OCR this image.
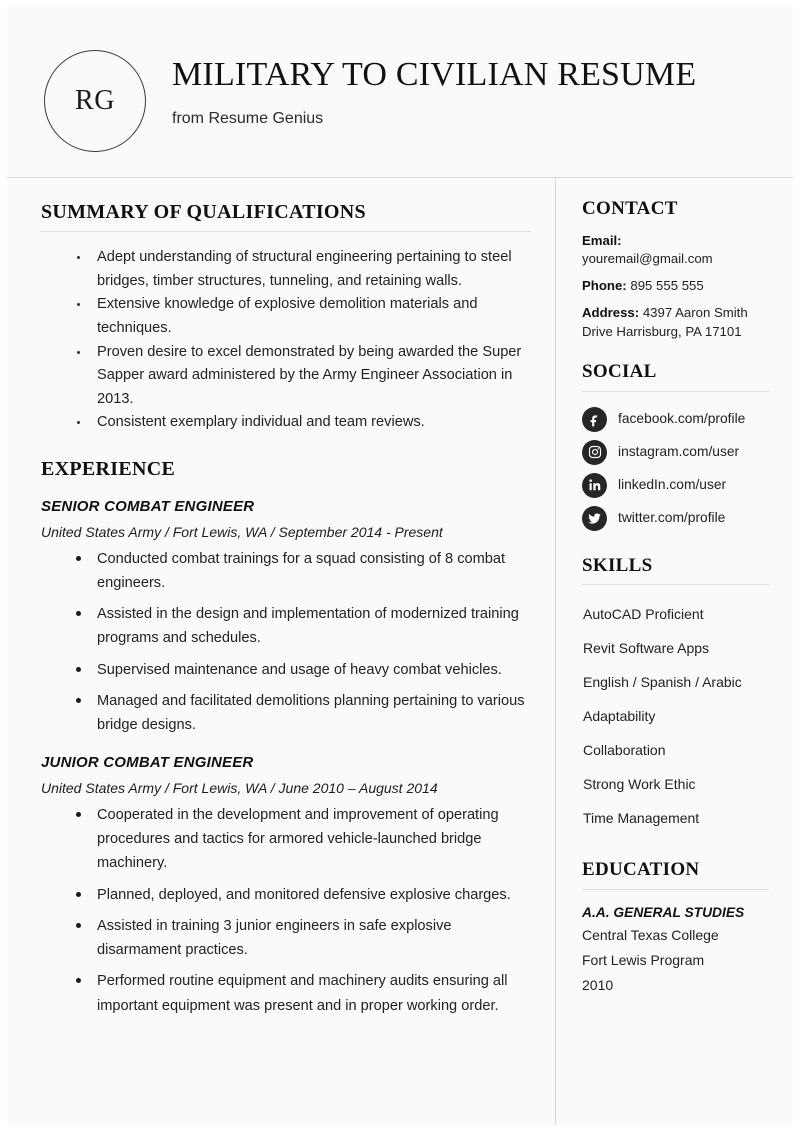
RG
MILITARY TO CIVILIAN RESUME
from Resume Genius
SUMMARY OF QUALIFICATIONS
Adept understanding of structural engineering pertaining to steel bridges, timber structures, tunneling, and retaining walls.
Extensive knowledge of explosive demolition materials and techniques.
Proven desire to excel demonstrated by being awarded the Super Sapper award administered by the Army Engineer Association in 2013.
Consistent exemplary individual and team reviews.
EXPERIENCE
SENIOR COMBAT ENGINEER
United States Army / Fort Lewis, WA / September 2014 - Present
Conducted combat trainings for a squad consisting of 8 combat engineers.
Assisted in the design and implementation of modernized training programs and schedules.
Supervised maintenance and usage of heavy combat vehicles.
Managed and facilitated demolitions planning pertaining to various bridge designs.
JUNIOR COMBAT ENGINEER
United States Army / Fort Lewis, WA / June 2010 – August 2014
Cooperated in the development and improvement of operating procedures and tactics for armored vehicle-launched bridge machinery.
Planned, deployed, and monitored defensive explosive charges.
Assisted in training 3 junior engineers in safe explosive disarmament practices.
Performed routine equipment and machinery audits ensuring all important equipment was present and in proper working order.
CONTACT
Email:
youremail@gmail.com
Phone: 895 555 555
Address: 4397 Aaron Smith Drive Harrisburg, PA 17101
SOCIAL
facebook.com/profile
instagram.com/user
linkedIn.com/user
twitter.com/profile
SKILLS
AutoCAD Proficient
Revit Software Apps
English / Spanish / Arabic
Adaptability
Collaboration
Strong Work Ethic
Time Management
EDUCATION
A.A. GENERAL STUDIES
Central Texas College
Fort Lewis Program
2010
